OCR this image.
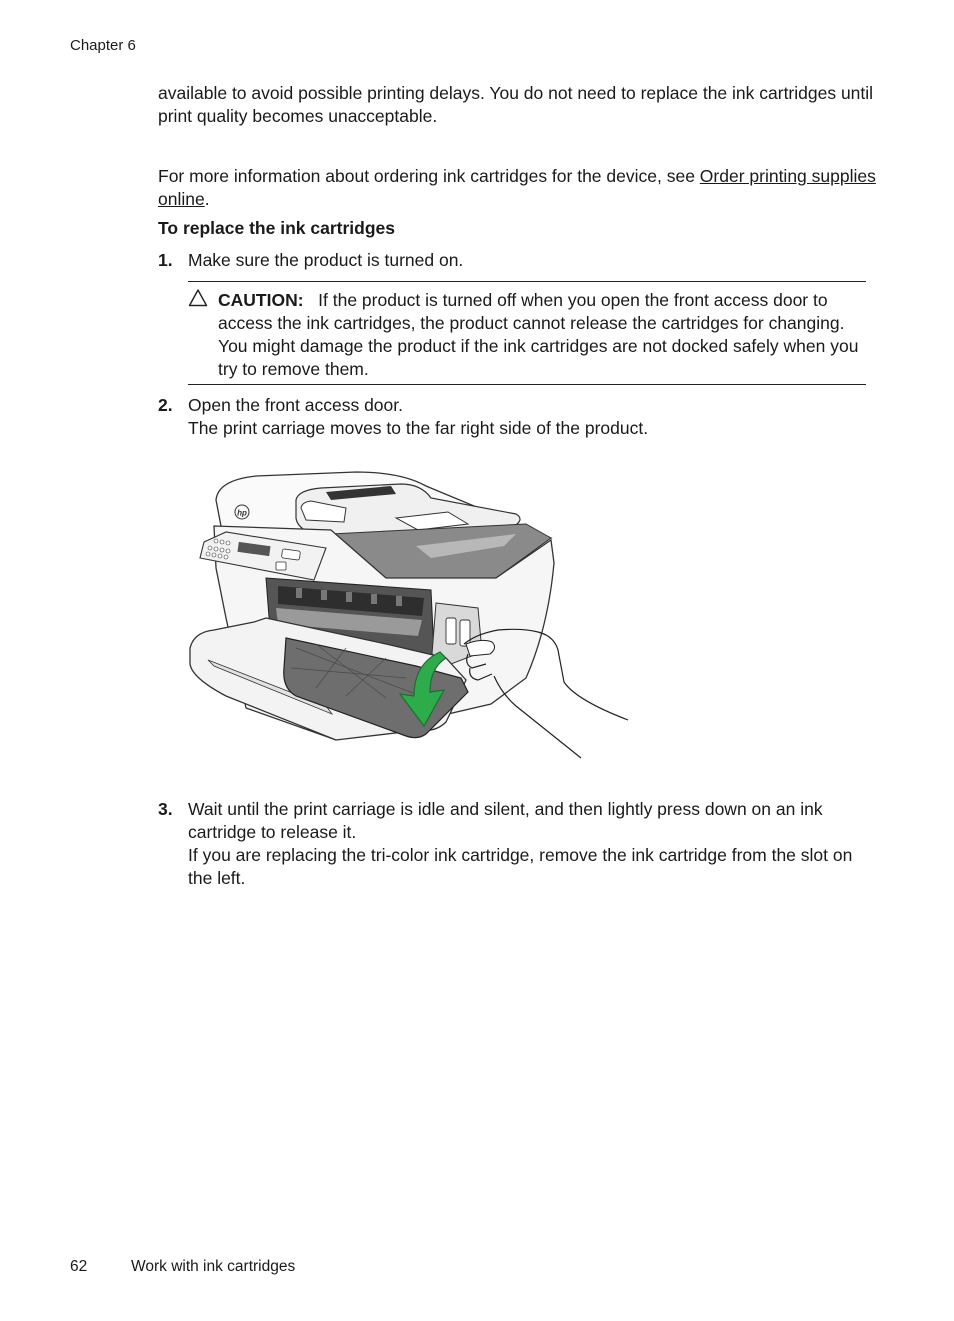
Chapter 6
available to avoid possible printing delays. You do not need to replace the ink cartridges until print quality becomes unacceptable.
For more information about ordering ink cartridges for the device, see Order printing supplies online.
To replace the ink cartridges
1. Make sure the product is turned on.
CAUTION: If the product is turned off when you open the front access door to access the ink cartridges, the product cannot release the cartridges for changing. You might damage the product if the ink cartridges are not docked safely when you try to remove them.
2. Open the front access door.
The print carriage moves to the far right side of the product.
hp
3. Wait until the print carriage is idle and silent, and then lightly press down on an ink cartridge to release it.
If you are replacing the tri-color ink cartridge, remove the ink cartridge from the slot on the left.
62	Work with ink cartridges
